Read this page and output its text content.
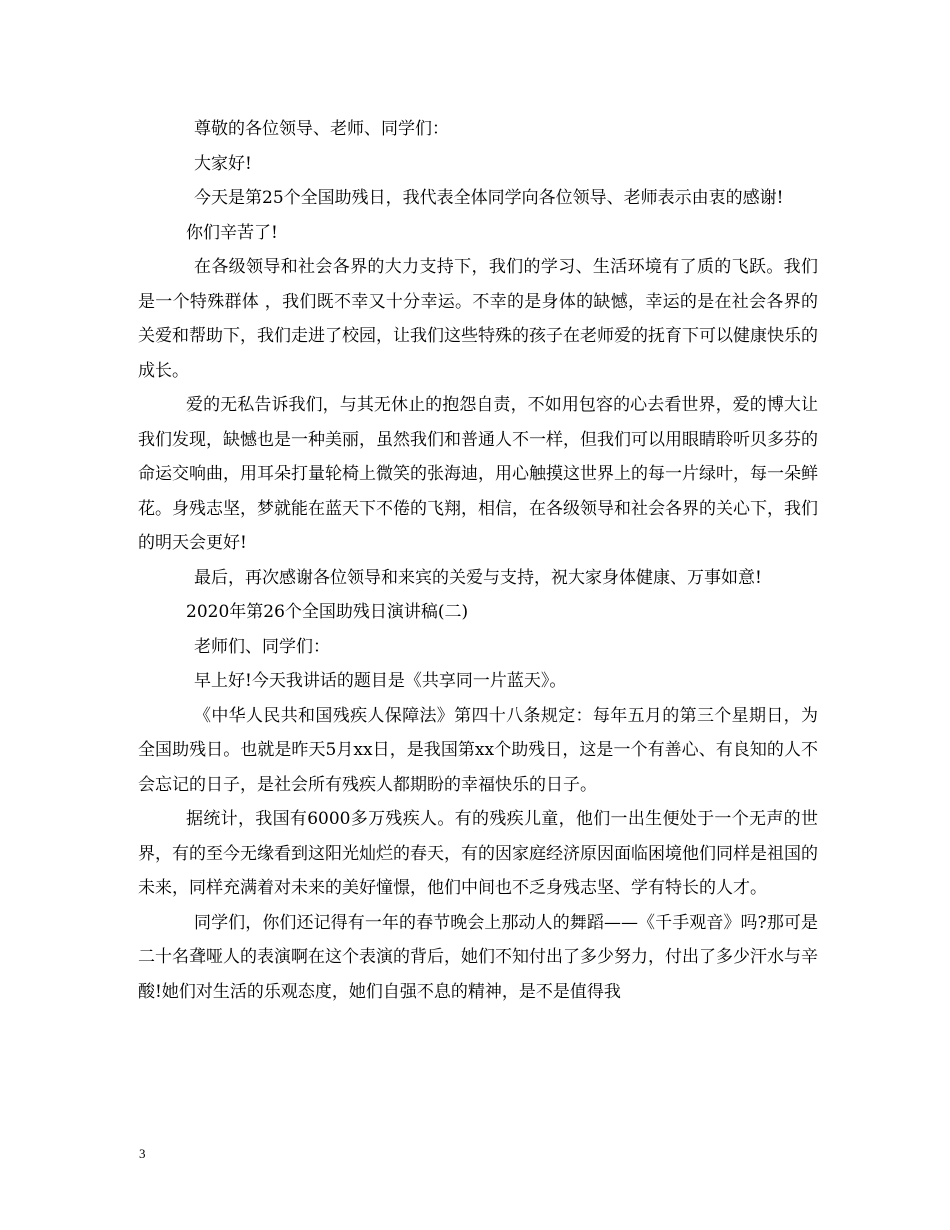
尊敬的各位领导、老师、同学们：

大家好!

今天是第25个全国助残日，我代表全体同学向各位领导、老师表示由衷的感谢!

你们辛苦了!

在各级领导和社会各界的大力支持下，我们的学习、生活环境有了质的飞跃。我们是一个特殊群体 ，我们既不幸又十分幸运。不幸的是身体的缺憾，幸运的是在社会各界的关爱和帮助下，我们走进了校园，让我们这些特殊的孩子在老师爱的抚育下可以健康快乐的成长。

爱的无私告诉我们，与其无休止的抱怨自责，不如用包容的心去看世界，爱的博大让我们发现，缺憾也是一种美丽，虽然我们和普通人不一样，但我们可以用眼睛聆听贝多芬的命运交响曲，用耳朵打量轮椅上微笑的张海迪，用心触摸这世界上的每一片绿叶，每一朵鲜花。身残志坚，梦就能在蓝天下不倦的飞翔，相信，在各级领导和社会各界的关心下，我们的明天会更好!

最后，再次感谢各位领导和来宾的关爱与支持，祝大家身体健康、万事如意!

2020年第26个全国助残日演讲稿(二)

老师们、同学们：

早上好!今天我讲话的题目是《共享同一片蓝天》。

《中华人民共和国残疾人保障法》第四十八条规定：每年五月的第三个星期日，为全国助残日。也就是昨天5月xx日，是我国第xx个助残日，这是一个有善心、有良知的人不会忘记的日子，是社会所有残疾人都期盼的幸福快乐的日子。

据统计，我国有6000多万残疾人。有的残疾儿童，他们一出生便处于一个无声的世界，有的至今无缘看到这阳光灿烂的春天，有的因家庭经济原因面临困境他们同样是祖国的未来，同样充满着对未来的美好憧憬，他们中间也不乏身残志坚、学有特长的人才。

同学们，你们还记得有一年的春节晚会上那动人的舞蹈——《千手观音》吗?那可是二十名聋哑人的表演啊在这个表演的背后，她们不知付出了多少努力，付出了多少汗水与辛酸!她们对生活的乐观态度，她们自强不息的精神，是不是值得我

3
